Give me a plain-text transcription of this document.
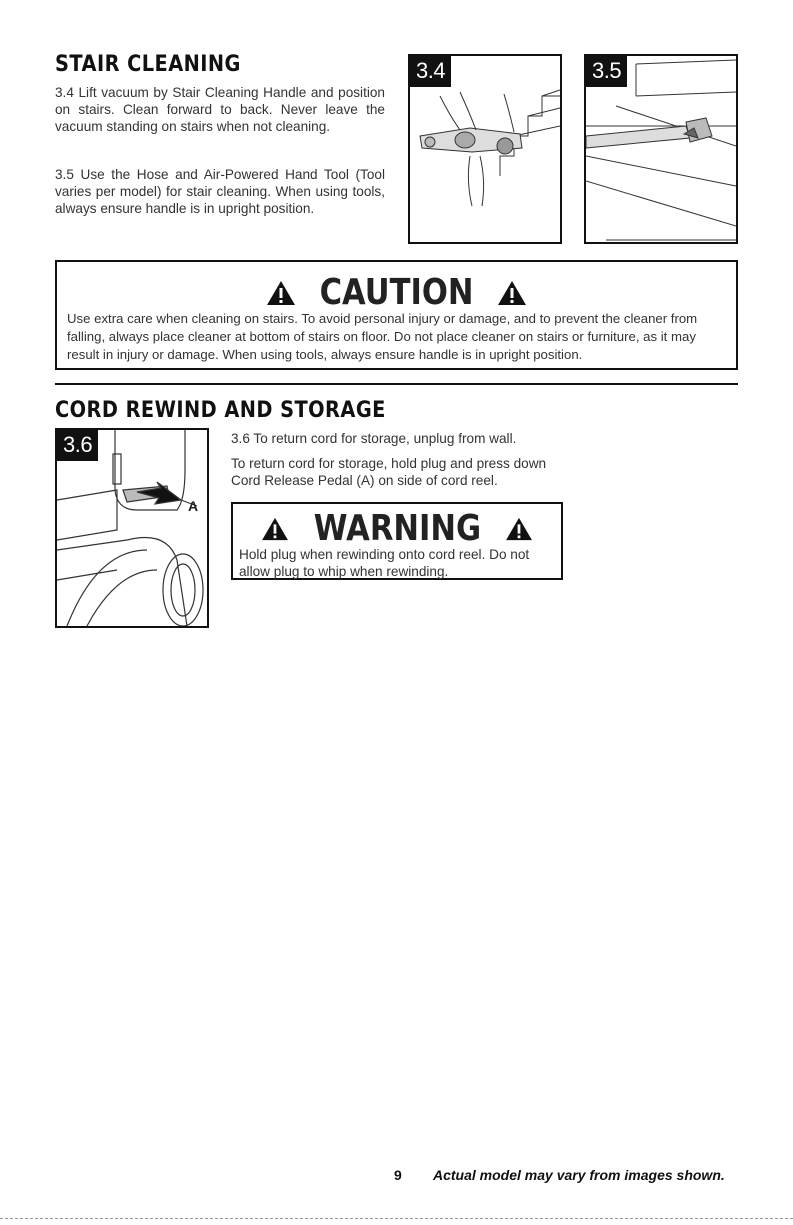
STAIR CLEANING
3.4 Lift vacuum by Stair Cleaning Handle and position on stairs. Clean forward to back. Never leave the vacuum standing on stairs when not cleaning.
3.5 Use the Hose and Air-Powered Hand Tool (Tool varies per model) for stair cleaning. When using tools, always ensure handle is in upright position.
3.4	3.5
CAUTION
Use extra care when cleaning on stairs. To avoid personal injury or damage, and to prevent the cleaner from falling, always place cleaner at bottom of stairs on floor. Do not place cleaner on stairs or furniture, as it may result in injury or damage. When using tools, always ensure handle is in upright position.
CORD REWIND AND STORAGE
3.6
A
3.6 To return cord for storage, unplug from wall.
To return cord for storage, hold plug and press down Cord Release Pedal (A) on side of cord reel.
WARNING
Hold plug when rewinding onto cord reel. Do not allow plug to whip when rewinding.
9 Actual model may vary from images shown.
